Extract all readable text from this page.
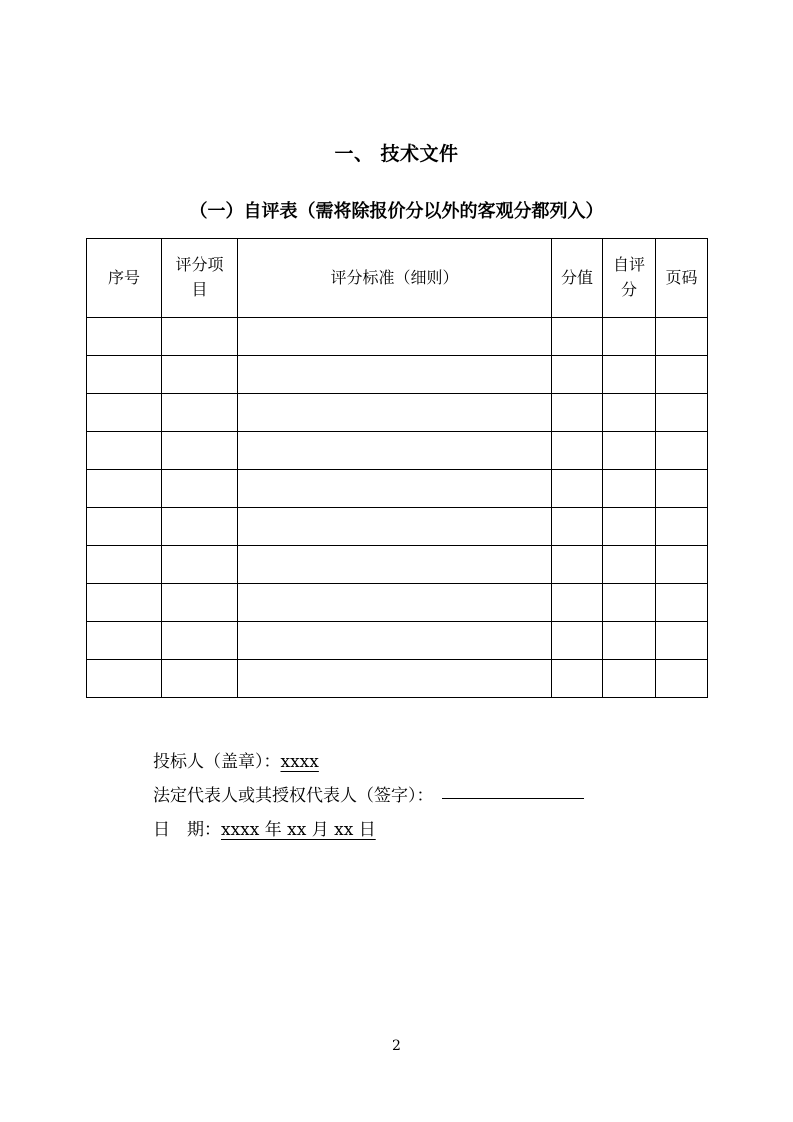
一、 技术文件
（一）自评表（需将除报价分以外的客观分都列入）
序号	评分项目	评分标准（细则）	分值	自评分	页码

投标人（盖章）：xxxx
法定代表人或其授权代表人（签字）：
日　期：xxxx 年 xx 月 xx 日
2
